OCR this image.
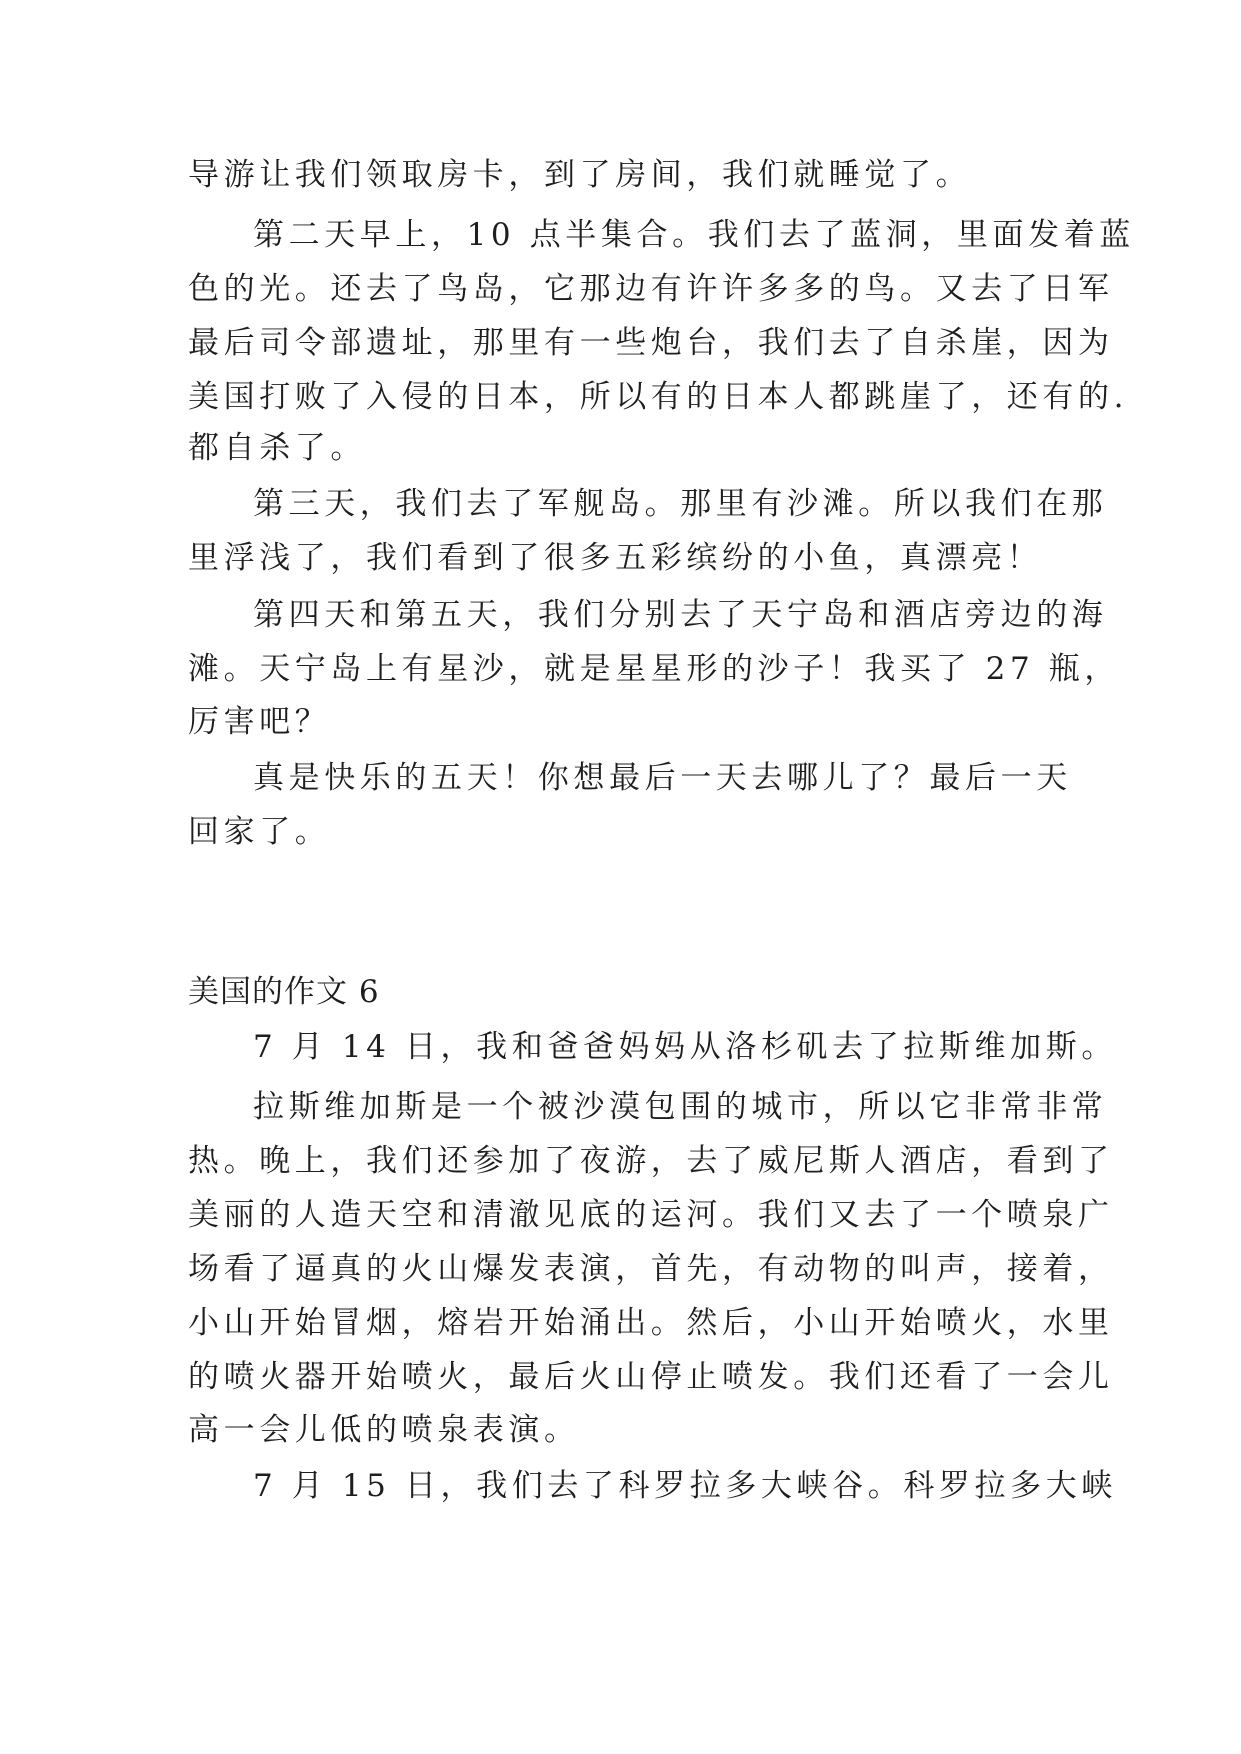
导游让我们领取房卡，到了房间，我们就睡觉了。
第二天早上，10 点半集合。我们去了蓝洞，里面发着蓝
色的光。还去了鸟岛，它那边有许许多多的鸟。又去了日军
最后司令部遗址，那里有一些炮台，我们去了自杀崖，因为
美国打败了入侵的日本，所以有的日本人都跳崖了，还有的.
都自杀了。
第三天，我们去了军舰岛。那里有沙滩。所以我们在那
里浮浅了，我们看到了很多五彩缤纷的小鱼，真漂亮！
第四天和第五天，我们分别去了天宁岛和酒店旁边的海
滩。天宁岛上有星沙，就是星星形的沙子！我买了 27 瓶，
厉害吧？
真是快乐的五天！你想最后一天去哪儿了？最后一天
回家了。
美国的作文 6
7 月 14 日，我和爸爸妈妈从洛杉矶去了拉斯维加斯。
拉斯维加斯是一个被沙漠包围的城市，所以它非常非常
热。晚上，我们还参加了夜游，去了威尼斯人酒店，看到了
美丽的人造天空和清澈见底的运河。我们又去了一个喷泉广
场看了逼真的火山爆发表演，首先，有动物的叫声，接着，
小山开始冒烟，熔岩开始涌出。然后，小山开始喷火，水里
的喷火器开始喷火，最后火山停止喷发。我们还看了一会儿
高一会儿低的喷泉表演。
7 月 15 日，我们去了科罗拉多大峡谷。科罗拉多大峡
